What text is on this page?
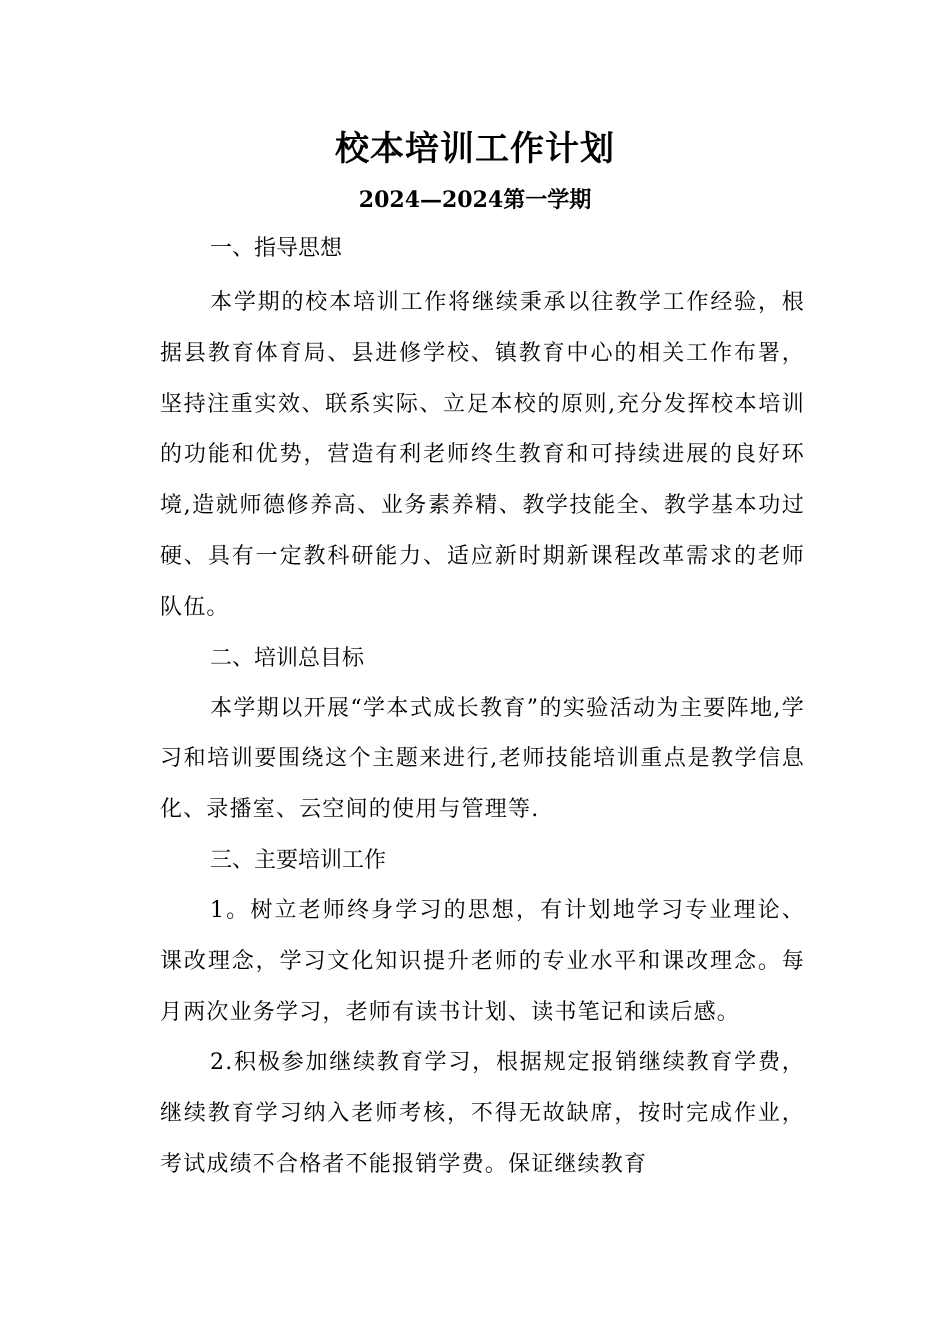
校本培训工作计划
2024—2024第一学期
一、指导思想

本学期的校本培训工作将继续秉承以往教学工作经验，根据县教育体育局、县进修学校、镇教育中心的相关工作布署，坚持注重实效、联系实际、立足本校的原则,充分发挥校本培训的功能和优势，营造有利老师终生教育和可持续进展的良好环境,造就师德修养高、业务素养精、教学技能全、教学基本功过硬、具有一定教科研能力、适应新时期新课程改革需求的老师队伍。

二、培训总目标

本学期以开展“学本式成长教育”的实验活动为主要阵地,学习和培训要围绕这个主题来进行,老师技能培训重点是教学信息化、录播室、云空间的使用与管理等.

三、主要培训工作

1。树立老师终身学习的思想，有计划地学习专业理论、课改理念，学习文化知识提升老师的专业水平和课改理念。每月两次业务学习，老师有读书计划、读书笔记和读后感。

2.积极参加继续教育学习，根据规定报销继续教育学费，继续教育学习纳入老师考核，不得无故缺席，按时完成作业，考试成绩不合格者不能报销学费。保证继续教育
